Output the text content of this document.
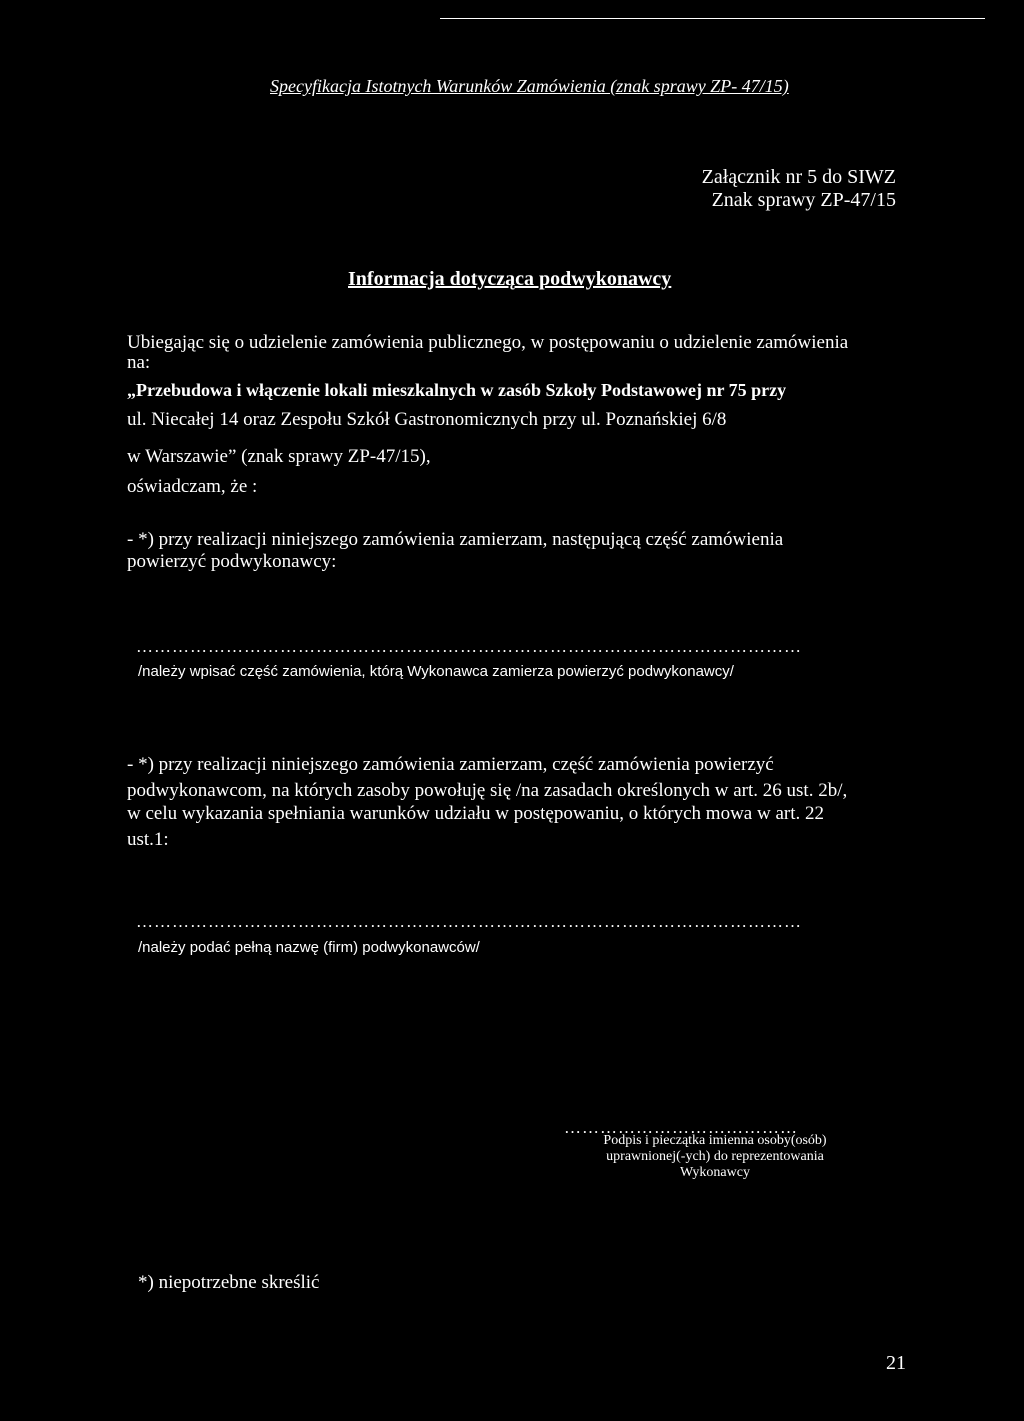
Specyfikacja Istotnych Warunków Zamówienia (znak sprawy ZP- 47/15)
Załącznik nr 5 do SIWZ
Znak sprawy ZP-47/15
Informacja dotycząca podwykonawcy
Ubiegając się o udzielenie zamówienia publicznego, w postępowaniu o udzielenie zamówienia
na:
„Przebudowa i włączenie lokali mieszkalnych w zasób Szkoły Podstawowej nr 75 przy
ul. Niecałej 14 oraz Zespołu Szkół Gastronomicznych przy ul. Poznańskiej 6/8
w Warszawie” (znak sprawy ZP-47/15),
oświadczam, że :
- *) przy realizacji niniejszego zamówienia zamierzam, następującą część zamówienia
powierzyć podwykonawcy:
…………………………………………………………………………………………………
/należy wpisać część zamówienia, którą Wykonawca zamierza powierzyć podwykonawcy/
- *) przy realizacji niniejszego zamówienia zamierzam, część zamówienia powierzyć
podwykonawcom, na których zasoby powołuję się /na zasadach określonych w art. 26 ust. 2b/,
w celu wykazania spełniania warunków udziału w postępowaniu, o których mowa w art. 22
ust.1:
…………………………………………………………………………………………………
/należy podać pełną nazwę (firm) podwykonawców/
…………………………………
Podpis i pieczątka imienna osoby(osób)
uprawnionej(-ych) do reprezentowania
Wykonawcy
*) niepotrzebne skreślić
21
